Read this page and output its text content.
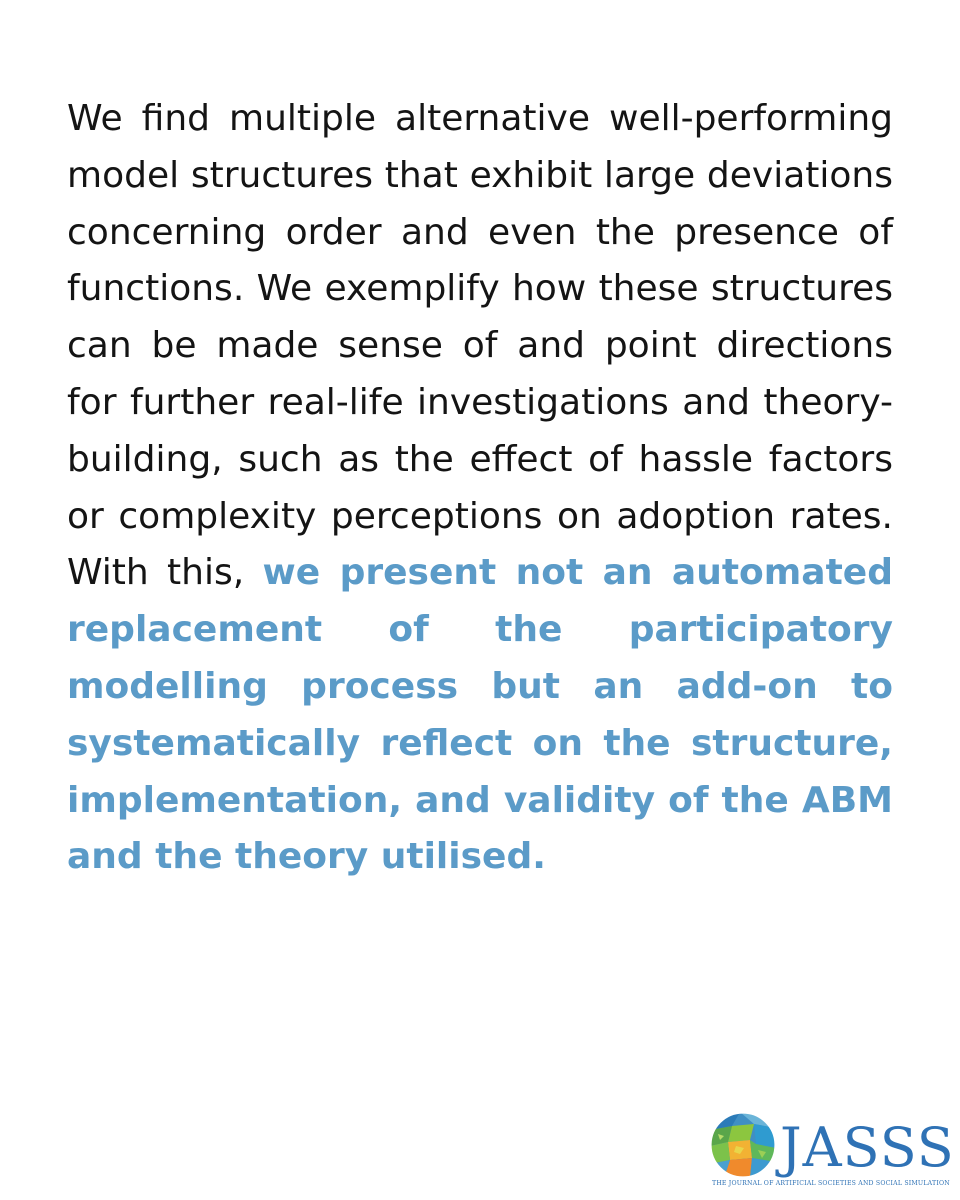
We find multiple alternative well-performing model structures that exhibit large deviations concerning order and even the presence of functions. We exemplify how these structures can be made sense of and point directions for further real-life investigations and theory-building, such as the effect of hassle factors or complexity perceptions on adoption rates. With this, we present not an automated replacement of the participatory modelling process but an add-on to systematically reflect on the structure, implementation, and validity of the ABM and the theory utilised.

JASSS
THE JOURNAL OF ARTIFICIAL SOCIETIES AND SOCIAL SIMULATION
